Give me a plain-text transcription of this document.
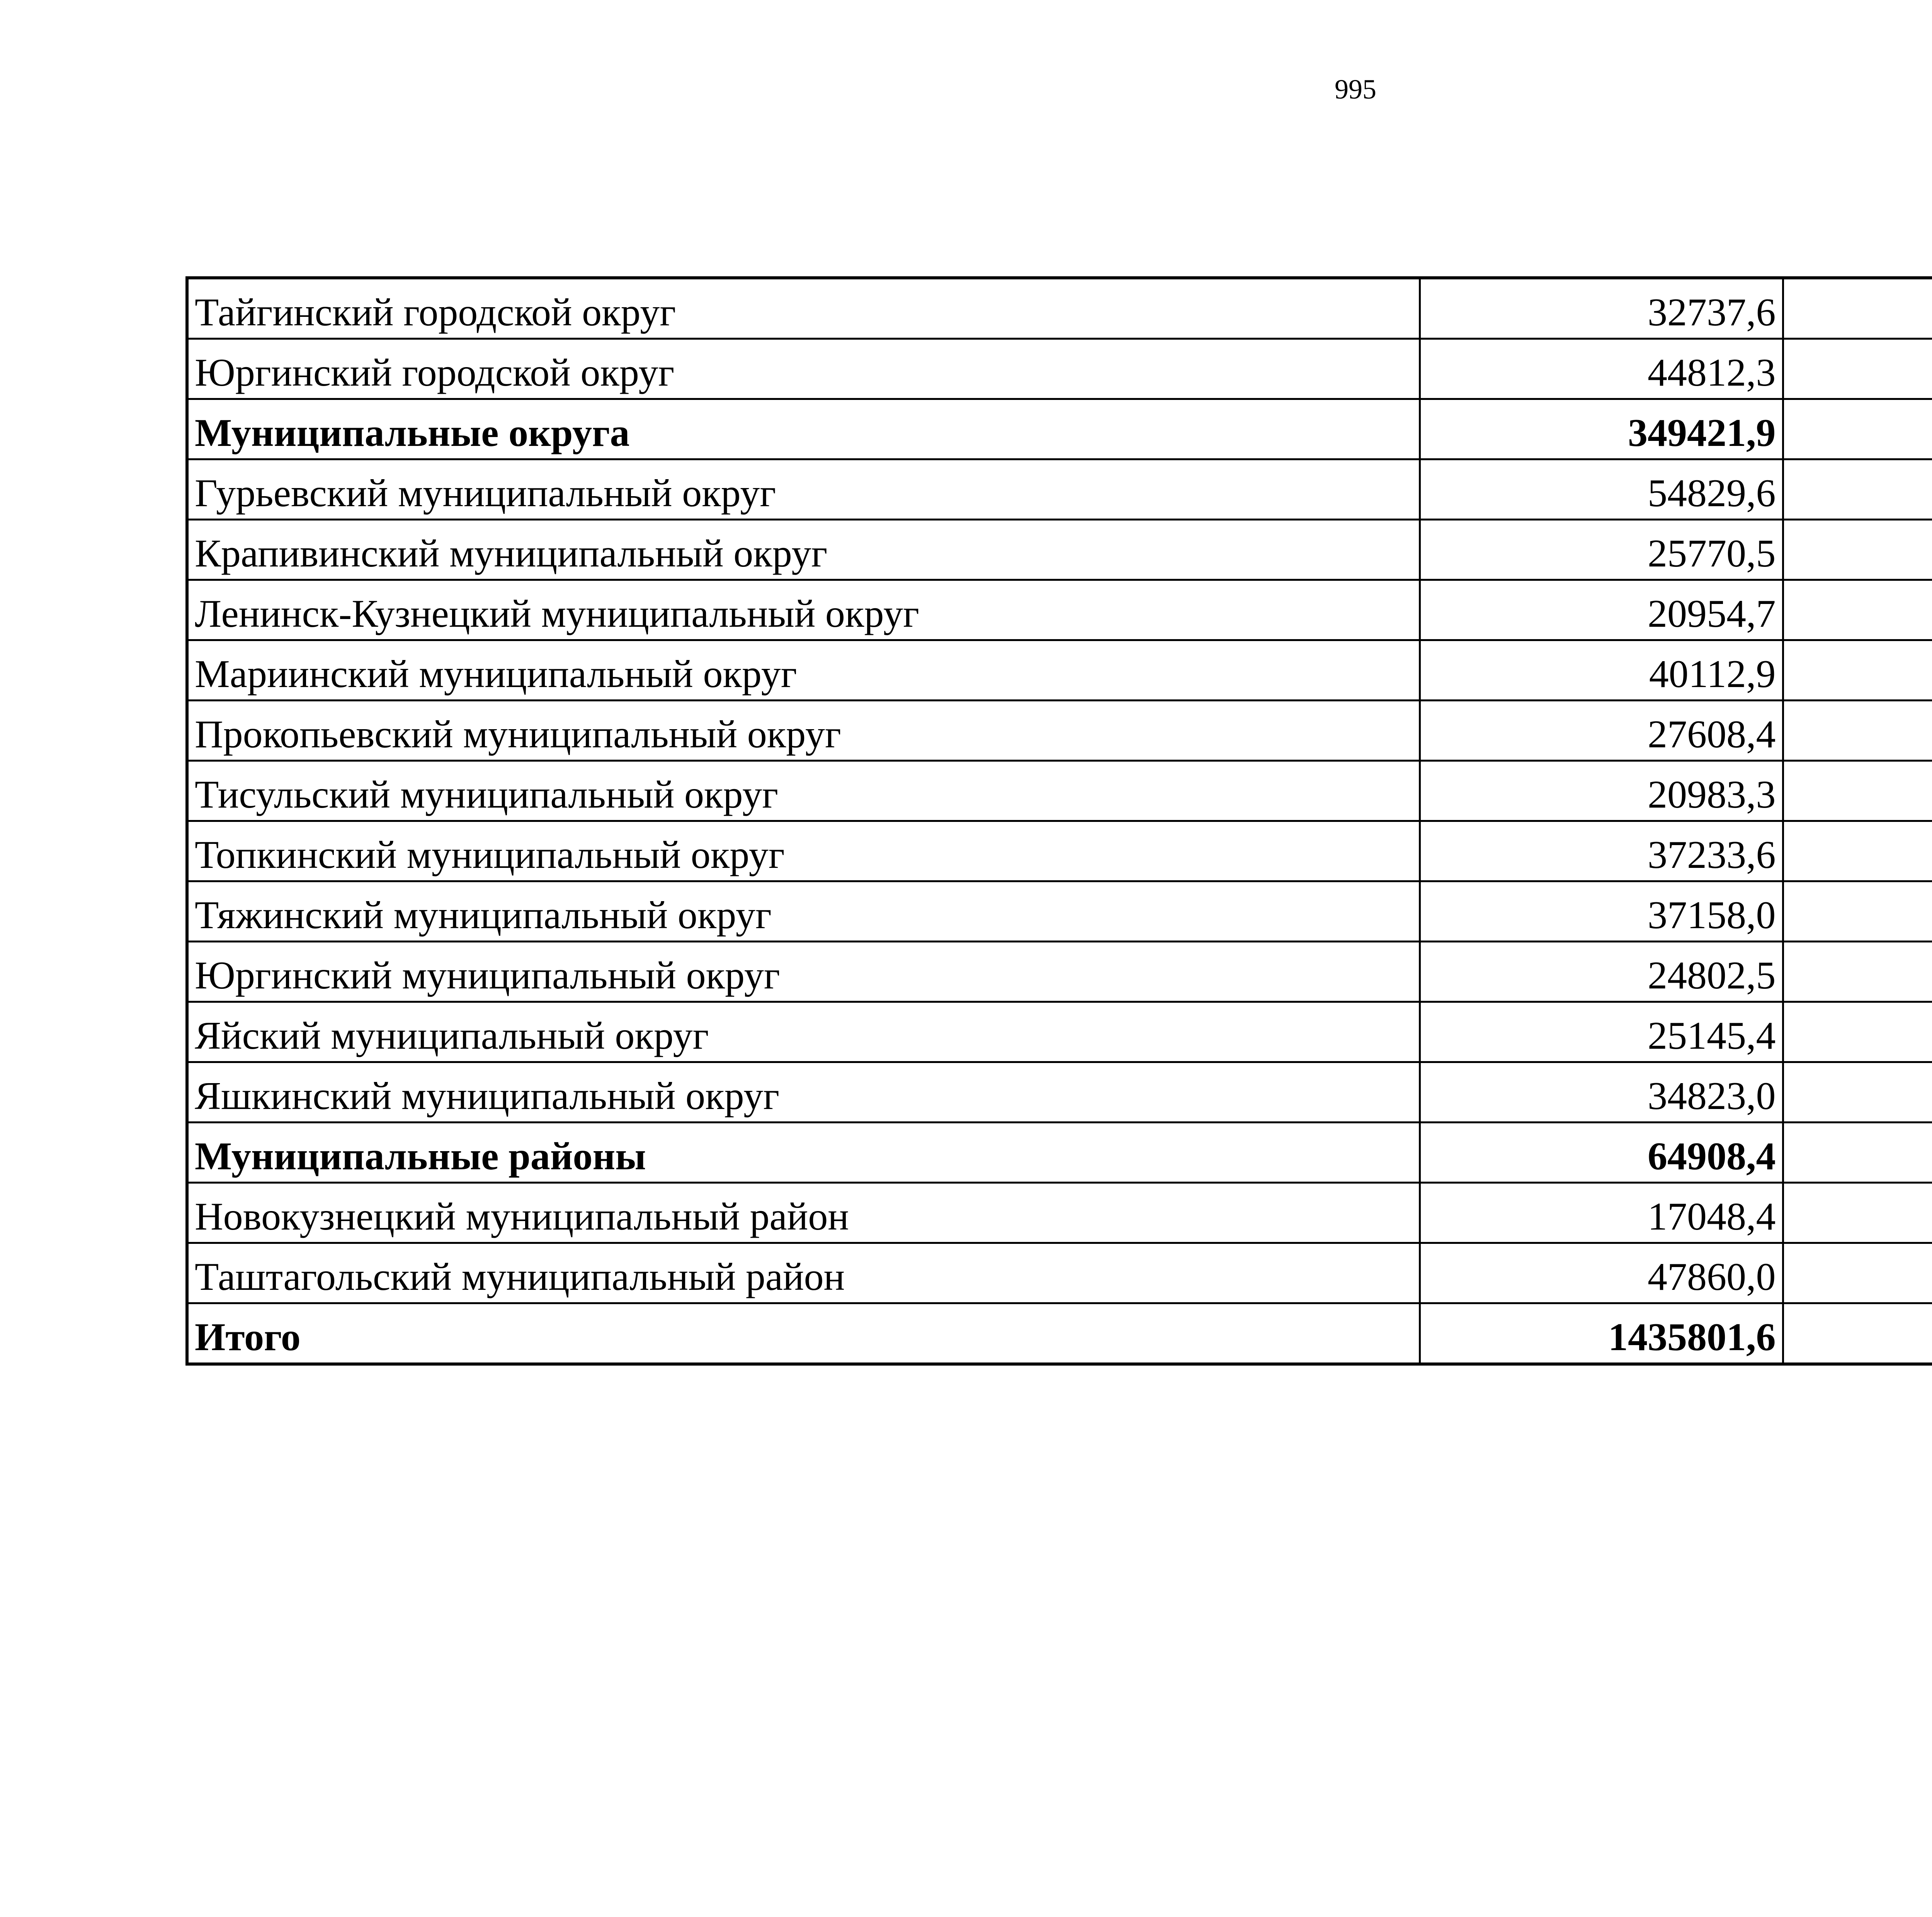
995
Тайгинский городской округ	32737,6		
Юргинский городской округ	44812,3		
Муниципальные округа	349421,9		
Гурьевский муниципальный округ	54829,6		
Крапивинский муниципальный округ	25770,5		
Ленинск-Кузнецкий муниципальный округ	20954,7		
Мариинский муниципальный округ	40112,9		
Прокопьевский муниципальный округ	27608,4		
Тисульский муниципальный округ	20983,3		
Топкинский муниципальный округ	37233,6		
Тяжинский муниципальный округ	37158,0		
Юргинский муниципальный округ	24802,5		
Яйский муниципальный округ	25145,4		
Яшкинский муниципальный округ	34823,0		
Муниципальные районы	64908,4		
Новокузнецкий муниципальный район	17048,4		
Таштагольский муниципальный район	47860,0		
Итого	1435801,6		
